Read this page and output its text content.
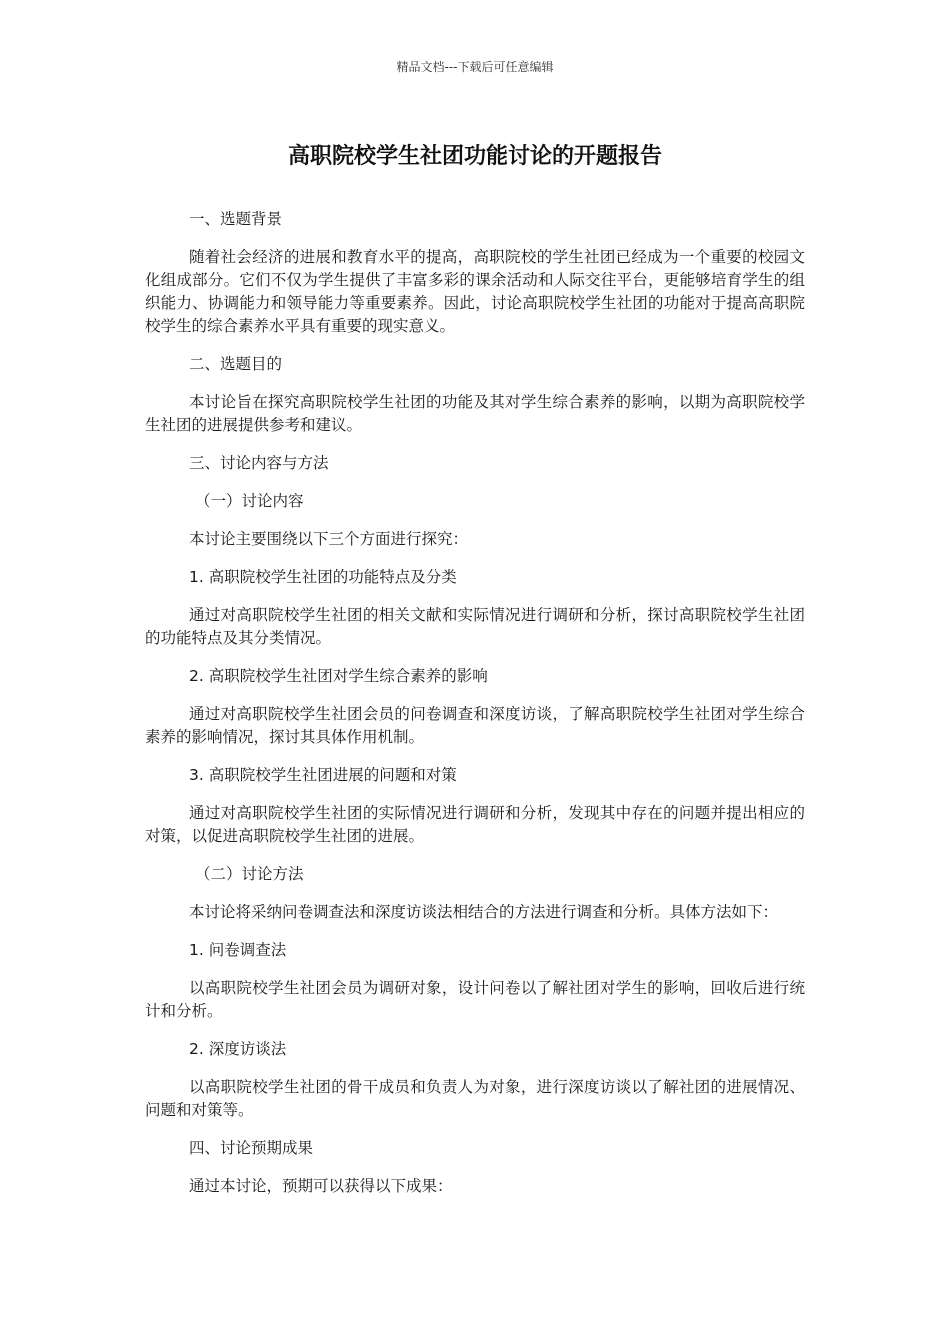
精品文档---下载后可任意编辑
高职院校学生社团功能讨论的开题报告

一、选题背景

随着社会经济的进展和教育水平的提高，高职院校的学生社团已经成为一个重要的校园文化组成部分。它们不仅为学生提供了丰富多彩的课余活动和人际交往平台，更能够培育学生的组织能力、协调能力和领导能力等重要素养。因此，讨论高职院校学生社团的功能对于提高高职院校学生的综合素养水平具有重要的现实意义。

二、选题目的

本讨论旨在探究高职院校学生社团的功能及其对学生综合素养的影响，以期为高职院校学生社团的进展提供参考和建议。

三、讨论内容与方法

（一）讨论内容

本讨论主要围绕以下三个方面进行探究：

1. 高职院校学生社团的功能特点及分类

通过对高职院校学生社团的相关文献和实际情况进行调研和分析，探讨高职院校学生社团的功能特点及其分类情况。

2. 高职院校学生社团对学生综合素养的影响

通过对高职院校学生社团会员的问卷调查和深度访谈，了解高职院校学生社团对学生综合素养的影响情况，探讨其具体作用机制。

3. 高职院校学生社团进展的问题和对策

通过对高职院校学生社团的实际情况进行调研和分析，发现其中存在的问题并提出相应的对策，以促进高职院校学生社团的进展。

（二）讨论方法

本讨论将采纳问卷调查法和深度访谈法相结合的方法进行调查和分析。具体方法如下：

1. 问卷调查法

以高职院校学生社团会员为调研对象，设计问卷以了解社团对学生的影响，回收后进行统计和分析。

2. 深度访谈法

以高职院校学生社团的骨干成员和负责人为对象，进行深度访谈以了解社团的进展情况、问题和对策等。

四、讨论预期成果

通过本讨论，预期可以获得以下成果：
